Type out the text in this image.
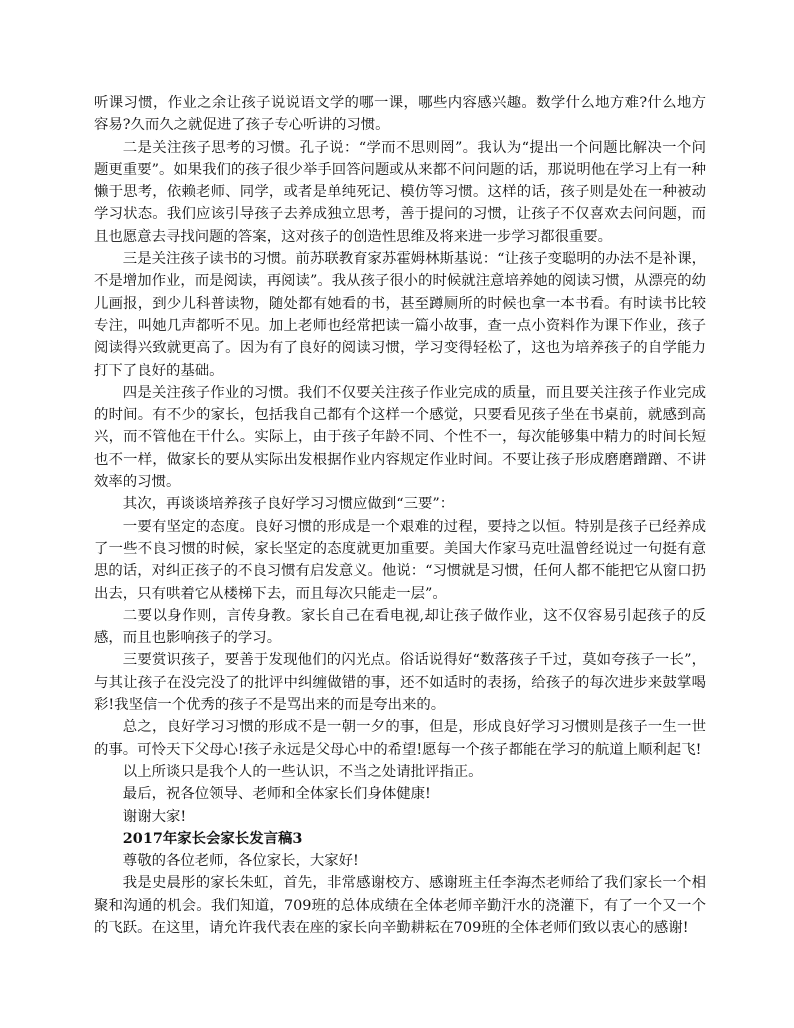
听课习惯，作业之余让孩子说说语文学的哪一课，哪些内容感兴趣。数学什么地方难?什么地方容易?久而久之就促进了孩子专心听讲的习惯。

二是关注孩子思考的习惯。孔子说：“学而不思则罔”。我认为“提出一个问题比解决一个问题更重要”。如果我们的孩子很少举手回答问题或从来都不问问题的话，那说明他在学习上有一种懒于思考，依赖老师、同学，或者是单纯死记、模仿等习惯。这样的话，孩子则是处在一种被动学习状态。我们应该引导孩子去养成独立思考，善于提问的习惯，让孩子不仅喜欢去问问题，而且也愿意去寻找问题的答案，这对孩子的创造性思维及将来进一步学习都很重要。

三是关注孩子读书的习惯。前苏联教育家苏霍姆林斯基说：“让孩子变聪明的办法不是补课，不是增加作业，而是阅读，再阅读”。我从孩子很小的时候就注意培养她的阅读习惯，从漂亮的幼儿画报，到少儿科普读物，随处都有她看的书，甚至蹲厕所的时候也拿一本书看。有时读书比较专注，叫她几声都听不见。加上老师也经常把读一篇小故事，查一点小资料作为课下作业，孩子阅读得兴致就更高了。因为有了良好的阅读习惯，学习变得轻松了，这也为培养孩子的自学能力打下了良好的基础。

四是关注孩子作业的习惯。我们不仅要关注孩子作业完成的质量，而且要关注孩子作业完成的时间。有不少的家长，包括我自己都有个这样一个感觉，只要看见孩子坐在书桌前，就感到高兴，而不管他在干什么。实际上，由于孩子年龄不同、个性不一，每次能够集中精力的时间长短也不一样，做家长的要从实际出发根据作业内容规定作业时间。不要让孩子形成磨磨蹭蹭、不讲效率的习惯。

其次，再谈谈培养孩子良好学习习惯应做到“三要”：

一要有坚定的态度。良好习惯的形成是一个艰难的过程，要持之以恒。特别是孩子已经养成了一些不良习惯的时候，家长坚定的态度就更加重要。美国大作家马克吐温曾经说过一句挺有意思的话，对纠正孩子的不良习惯有启发意义。他说：“习惯就是习惯，任何人都不能把它从窗口扔出去，只有哄着它从楼梯下去，而且每次只能走一层”。

二要以身作则，言传身教。家长自己在看电视,却让孩子做作业，这不仅容易引起孩子的反感，而且也影响孩子的学习。

三要赏识孩子，要善于发现他们的闪光点。俗话说得好“数落孩子千过，莫如夸孩子一长”，与其让孩子在没完没了的批评中纠缠做错的事，还不如适时的表扬，给孩子的每次进步来鼓掌喝彩!我坚信一个优秀的孩子不是骂出来的而是夸出来的。

总之，良好学习习惯的形成不是一朝一夕的事，但是，形成良好学习习惯则是孩子一生一世的事。可怜天下父母心!孩子永远是父母心中的希望!愿每一个孩子都能在学习的航道上顺利起飞!

以上所谈只是我个人的一些认识，不当之处请批评指正。

最后，祝各位领导、老师和全体家长们身体健康!

谢谢大家!

2017年家长会家长发言稿3

尊敬的各位老师，各位家长，大家好!

我是史晨彤的家长朱虹，首先，非常感谢校方、感谢班主任李海杰老师给了我们家长一个相聚和沟通的机会。我们知道，709班的总体成绩在全体老师辛勤汗水的浇灌下，有了一个又一个的飞跃。在这里，请允许我代表在座的家长向辛勤耕耘在709班的全体老师们致以衷心的感谢!
